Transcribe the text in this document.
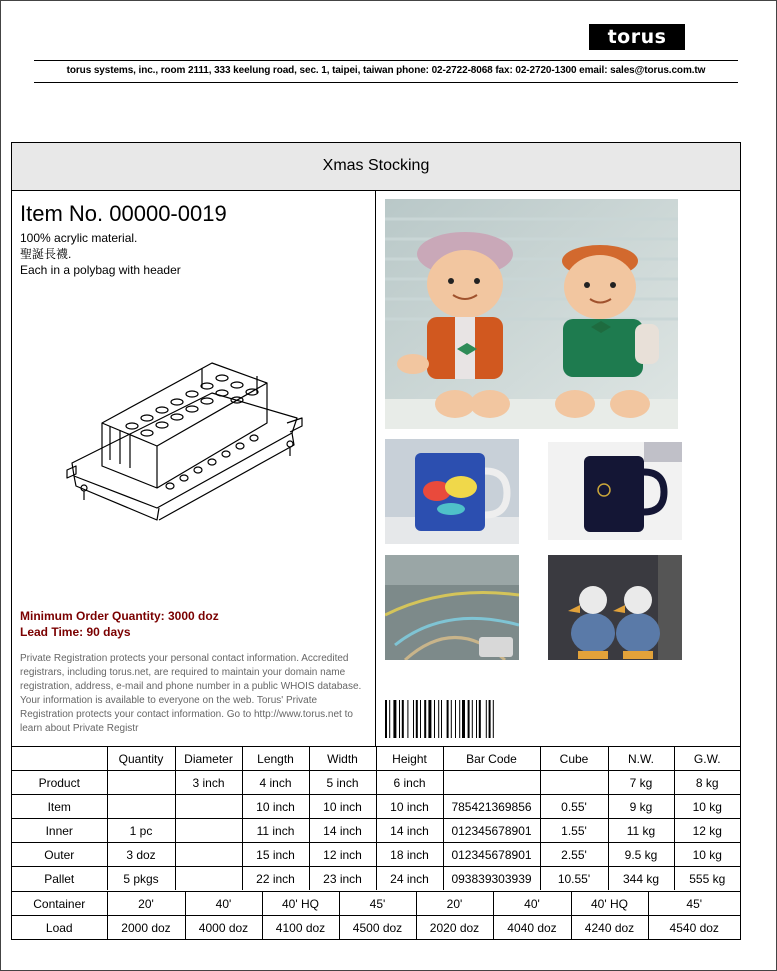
torus
torus systems, inc., room 2111, 333 keelung road, sec. 1, taipei, taiwan phone: 02-2722-8068 fax: 02-2720-1300 email: sales@torus.com.tw
Xmas Stocking
Item No. 00000-0019
100% acrylic material.
聖誕長襪.
Each in a polybag with header
Minimum Order Quantity: 3000 doz
Lead Time: 90 days
Private Registration protects your personal contact information. Accredited registrars, including torus.net, are required to maintain your domain name registration, address, e-mail and phone number in a public WHOIS database. Your information is available to everyone on the web. Torus' Private Registration protects your contact information. Go to http://www.torus.net to learn about Private Registr
	Quantity	Diameter	Length	Width	Height	Bar Code	Cube	N.W.	G.W.
Product		3 inch	4 inch	5 inch	6 inch			7 kg	8 kg
Item			10 inch	10 inch	10 inch	785421369856	0.55'	9 kg	10 kg
Inner	1 pc		11 inch	14 inch	14 inch	012345678901	1.55'	11 kg	12 kg
Outer	3 doz		15 inch	12 inch	18 inch	012345678901	2.55'	9.5 kg	10 kg
Pallet	5 pkgs		22 inch	23 inch	24 inch	093839303939	10.55'	344 kg	555 kg
Container	20'	40'	40' HQ	45'	20'	40'	40' HQ	45'
Load	2000 doz	4000 doz	4100 doz	4500 doz	2020 doz	4040 doz	4240 doz	4540 doz
